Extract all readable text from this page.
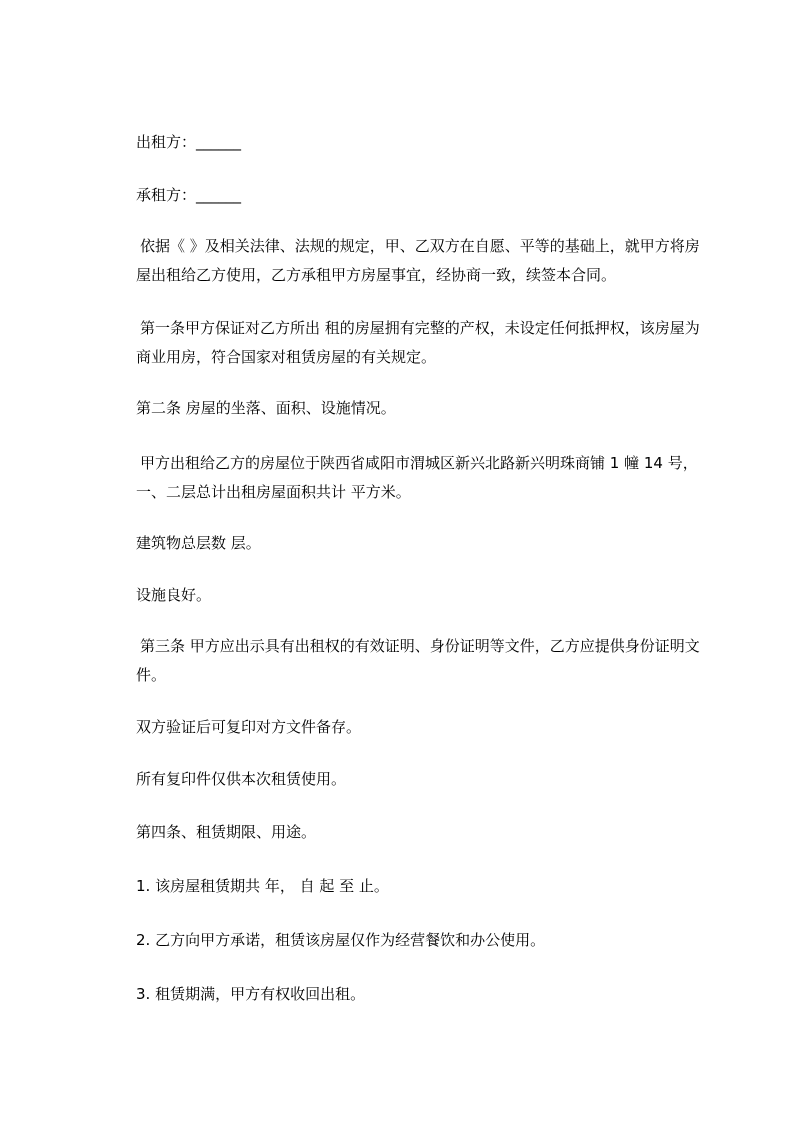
出租方：______

承租方：______

依据《 》及相关法律、法规的规定，甲、乙双方在自愿、平等的基础上，就甲方将房屋出租给乙方使用，乙方承租甲方房屋事宜，经协商一致，续签本合同。

第一条甲方保证对乙方所出 租的房屋拥有完整的产权，未设定任何抵押权，该房屋为商业用房，符合国家对租赁房屋的有关规定。

第二条 房屋的坐落、面积、设施情况。

甲方出租给乙方的房屋位于陕西省咸阳市渭城区新兴北路新兴明珠商铺 1 幢 14 号，一、二层总计出租房屋面积共计 平方米。

建筑物总层数 层。

设施良好。

第三条 甲方应出示具有出租权的有效证明、身份证明等文件，乙方应提供身份证明文件。

双方验证后可复印对方文件备存。

所有复印件仅供本次租赁使用。

第四条、租赁期限、用途。

1. 该房屋租赁期共 年， 自 起 至 止。

2. 乙方向甲方承诺，租赁该房屋仅作为经营餐饮和办公使用。

3. 租赁期满，甲方有权收回出租。
